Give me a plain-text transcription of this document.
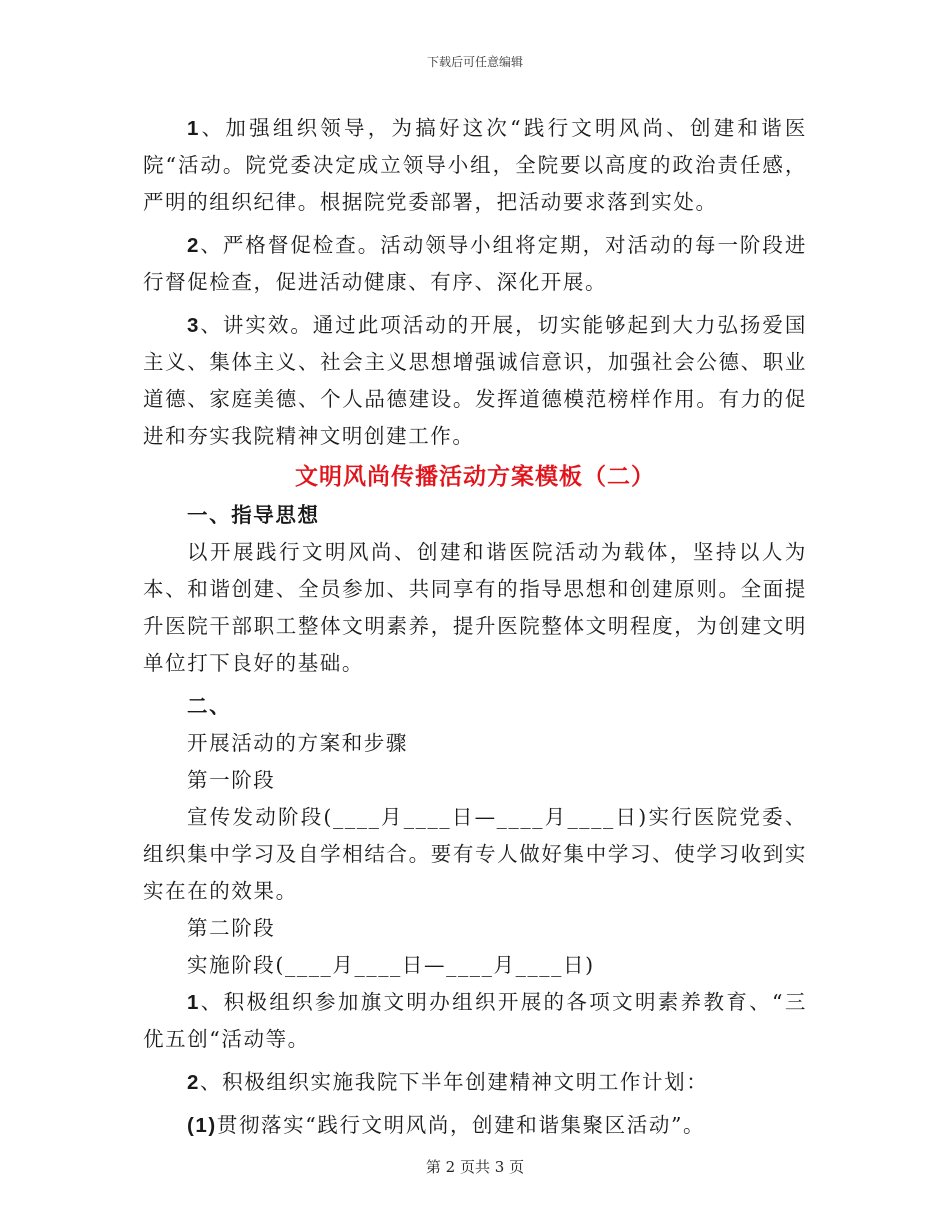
下载后可任意编辑

1、加强组织领导，为搞好这次“践行文明风尚、创建和谐医院“活动。院党委决定成立领导小组，全院要以高度的政治责任感，严明的组织纪律。根据院党委部署，把活动要求落到实处。

2、严格督促检查。活动领导小组将定期，对活动的每一阶段进行督促检查，促进活动健康、有序、深化开展。

3、讲实效。通过此项活动的开展，切实能够起到大力弘扬爱国主义、集体主义、社会主义思想增强诚信意识，加强社会公德、职业道德、家庭美德、个人品德建设。发挥道德模范榜样作用。有力的促进和夯实我院精神文明创建工作。

文明风尚传播活动方案模板（二）

一、指导思想

以开展践行文明风尚、创建和谐医院活动为载体，坚持以人为本、和谐创建、全员参加、共同享有的指导思想和创建原则。全面提升医院干部职工整体文明素养，提升医院整体文明程度，为创建文明单位打下良好的基础。

二、

开展活动的方案和步骤

第一阶段

宣传发动阶段(____月____日—____月____日)实行医院党委、组织集中学习及自学相结合。要有专人做好集中学习、使学习收到实实在在的效果。

第二阶段

实施阶段(____月____日—____月____日)

1、积极组织参加旗文明办组织开展的各项文明素养教育、“三优五创“活动等。

2、积极组织实施我院下半年创建精神文明工作计划：

(1)贯彻落实“践行文明风尚，创建和谐集聚区活动”。

第 2 页共 3 页
